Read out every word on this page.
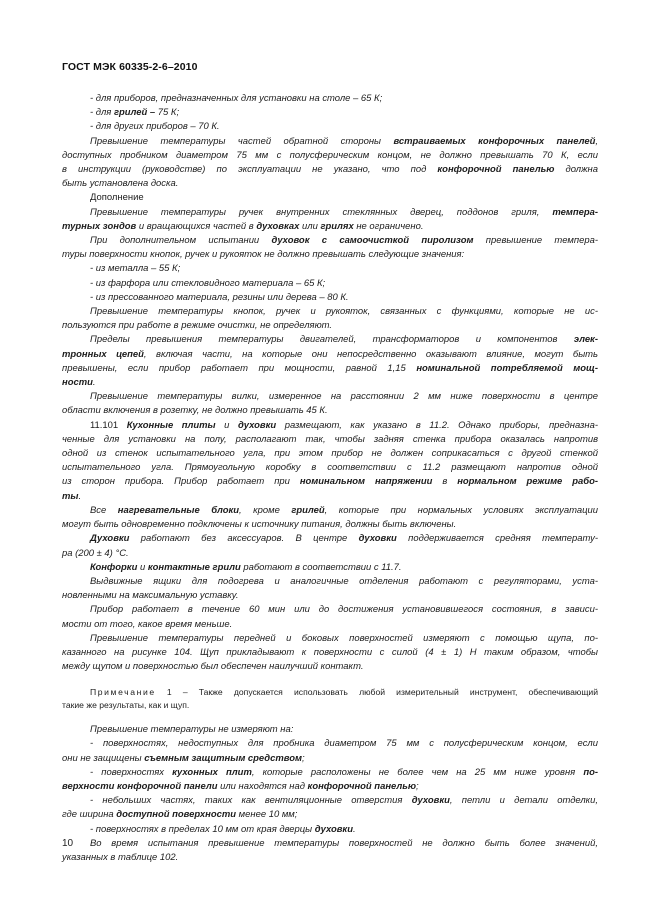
ГОСТ МЭК 60335-2-6–2010
- для приборов, предназначенных для установки на столе – 65 К;
- для грилей – 75 К;
- для других приборов – 70 К.
Превышение температуры частей обратной стороны встраиваемых конфорочных панелей,
доступных пробником диаметром 75 мм с полусферическим концом, не должно превышать 70 К, если
в инструкции (руководстве) по эксплуатации не указано, что под конфорочной панелью должна
быть установлена доска.
Дополнение
Превышение температуры ручек внутренних стеклянных дверец, поддонов гриля, темпера-
турных зондов и вращающихся частей в духовках или грилях не ограничено.
При дополнительном испытании духовок с самоочисткой пиролизом превышение темпера-
туры поверхности кнопок, ручек и рукояток не должно превышать следующие значения:
- из металла – 55 К;
- из фарфора или стекловидного материала – 65 К;
- из прессованного материала, резины или дерева – 80 К.
Превышение температуры кнопок, ручек и рукояток, связанных с функциями, которые не ис-
пользуются при работе в режиме очистки, не определяют.
Пределы превышения температуры двигателей, трансформаторов и компонентов элек-
тронных цепей, включая части, на которые они непосредственно оказывают влияние, могут быть
превышены, если прибор работает при мощности, равной 1,15 номинальной потребляемой мощ-
ности.
Превышение температуры вилки, измеренное на расстоянии 2 мм ниже поверхности в центре
области включения в розетку, не должно превышать 45 К.
11.101 Кухонные плиты и духовки размещают, как указано в 11.2. Однако приборы, предназна-
ченные для установки на полу, располагают так, чтобы задняя стенка прибора оказалась напротив
одной из стенок испытательного угла, при этом прибор не должен соприкасаться с другой стенкой
испытательного угла. Прямоугольную коробку в соответствии с 11.2 размещают напротив одной
из сторон прибора. Прибор работает при номинальном напряжении в нормальном режиме рабо-
ты.
Все нагревательные блоки, кроме грилей, которые при нормальных условиях эксплуатации
могут быть одновременно подключены к источнику питания, должны быть включены.
Духовки работают без аксессуаров. В центре духовки поддерживается средняя температу-
ра (200 ± 4) °С.
Конфорки и контактные грили работают в соответствии с 11.7.
Выдвижные ящики для подогрева и аналогичные отделения работают с регуляторами, уста-
новленными на максимальную уставку.
Прибор работает в течение 60 мин или до достижения установившегося состояния, в зависи-
мости от того, какое время меньше.
Превышение температуры передней и боковых поверхностей измеряют с помощью щупа, по-
казанного на рисунке 104. Щуп прикладывают к поверхности с силой (4 ± 1) Н таким образом, чтобы
между щупом и поверхностью был обеспечен наилучший контакт.
Примечание 1 – Также допускается использовать любой измерительный инструмент, обеспечивающий
такие же результаты, как и щуп.
Превышение температуры не измеряют на:
- поверхностях, недоступных для пробника диаметром 75 мм с полусферическим концом, если
они не защищены съемным защитным средством;
- поверхностях кухонных плит, которые расположены не более чем на 25 мм ниже уровня по-
верхности конфорочной панели или находятся над конфорочной панелью;
- небольших частях, таких как вентиляционные отверстия духовки, петли и детали отделки,
где ширина доступной поверхности менее 10 мм;
- поверхностях в пределах 10 мм от края дверцы духовки.
Во время испытания превышение температуры поверхностей не должно быть более значений,
указанных в таблице 102.
10
